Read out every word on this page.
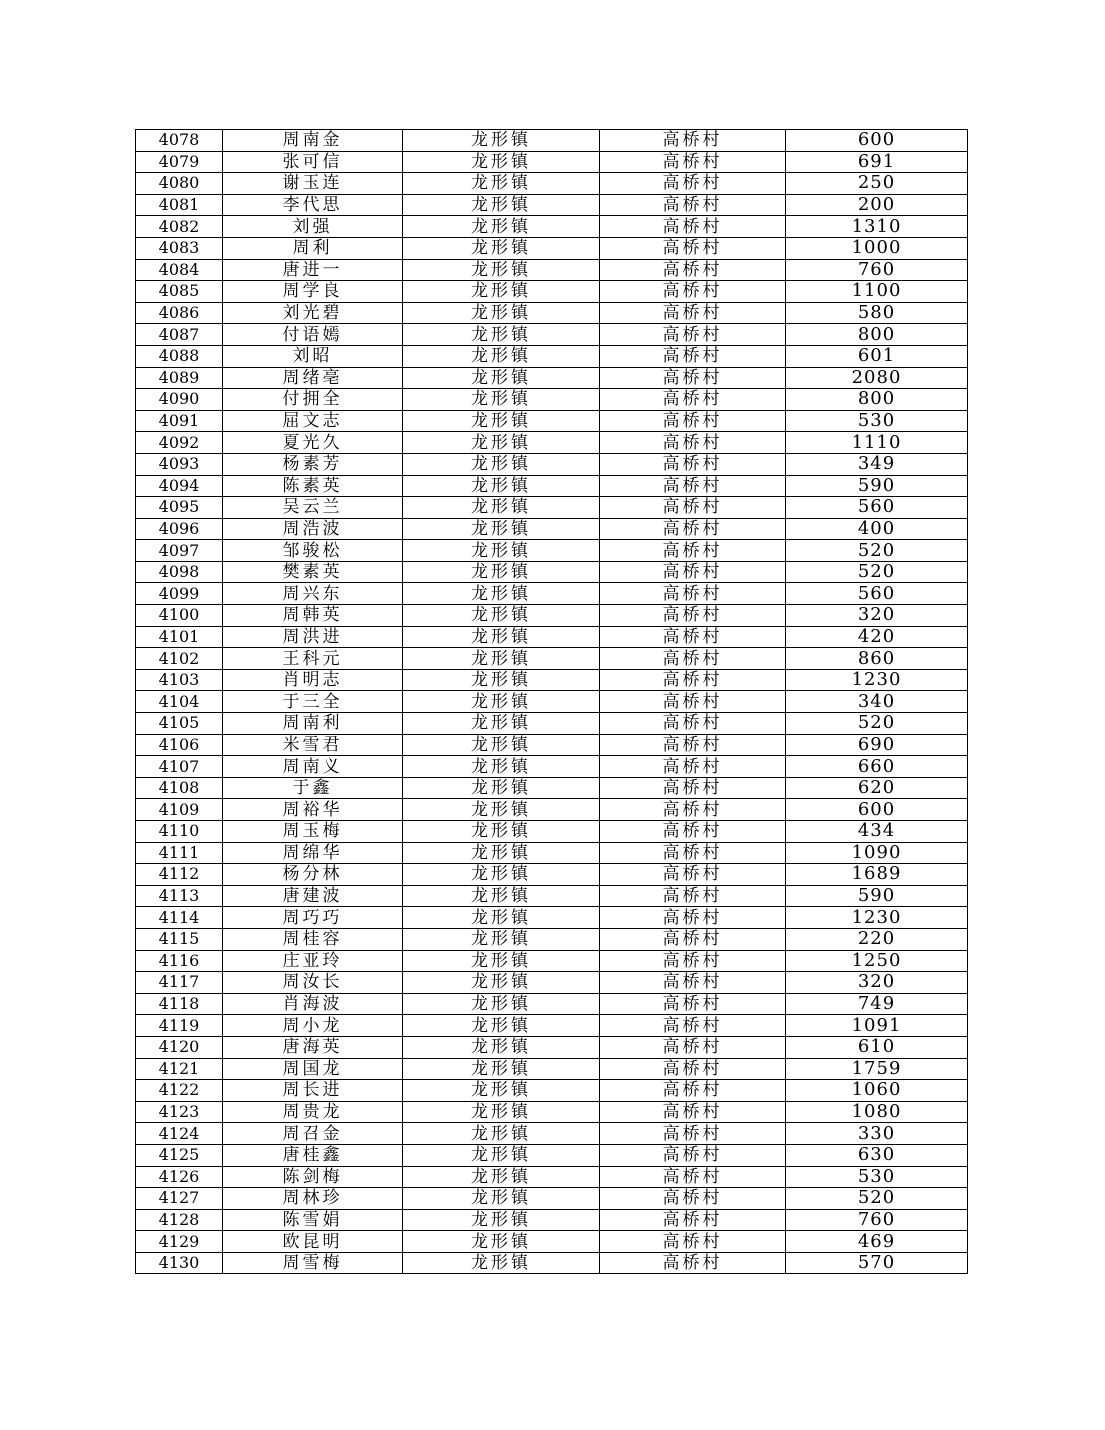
4078	周南金	龙形镇	高桥村	600
4079	张可信	龙形镇	高桥村	691
4080	谢玉连	龙形镇	高桥村	250
4081	李代思	龙形镇	高桥村	200
4082	刘强	龙形镇	高桥村	1310
4083	周利	龙形镇	高桥村	1000
4084	唐进一	龙形镇	高桥村	760
4085	周学良	龙形镇	高桥村	1100
4086	刘光碧	龙形镇	高桥村	580
4087	付语嫣	龙形镇	高桥村	800
4088	刘昭	龙形镇	高桥村	601
4089	周绪亳	龙形镇	高桥村	2080
4090	付拥全	龙形镇	高桥村	800
4091	屈文志	龙形镇	高桥村	530
4092	夏光久	龙形镇	高桥村	1110
4093	杨素芳	龙形镇	高桥村	349
4094	陈素英	龙形镇	高桥村	590
4095	吴云兰	龙形镇	高桥村	560
4096	周浩波	龙形镇	高桥村	400
4097	邹骏松	龙形镇	高桥村	520
4098	樊素英	龙形镇	高桥村	520
4099	周兴东	龙形镇	高桥村	560
4100	周韩英	龙形镇	高桥村	320
4101	周洪进	龙形镇	高桥村	420
4102	王科元	龙形镇	高桥村	860
4103	肖明志	龙形镇	高桥村	1230
4104	于三全	龙形镇	高桥村	340
4105	周南利	龙形镇	高桥村	520
4106	米雪君	龙形镇	高桥村	690
4107	周南义	龙形镇	高桥村	660
4108	于鑫	龙形镇	高桥村	620
4109	周裕华	龙形镇	高桥村	600
4110	周玉梅	龙形镇	高桥村	434
4111	周绵华	龙形镇	高桥村	1090
4112	杨分林	龙形镇	高桥村	1689
4113	唐建波	龙形镇	高桥村	590
4114	周巧巧	龙形镇	高桥村	1230
4115	周桂容	龙形镇	高桥村	220
4116	庄亚玲	龙形镇	高桥村	1250
4117	周汝长	龙形镇	高桥村	320
4118	肖海波	龙形镇	高桥村	749
4119	周小龙	龙形镇	高桥村	1091
4120	唐海英	龙形镇	高桥村	610
4121	周国龙	龙形镇	高桥村	1759
4122	周长进	龙形镇	高桥村	1060
4123	周贵龙	龙形镇	高桥村	1080
4124	周召金	龙形镇	高桥村	330
4125	唐桂鑫	龙形镇	高桥村	630
4126	陈剑梅	龙形镇	高桥村	530
4127	周林珍	龙形镇	高桥村	520
4128	陈雪娟	龙形镇	高桥村	760
4129	欧昆明	龙形镇	高桥村	469
4130	周雪梅	龙形镇	高桥村	570
